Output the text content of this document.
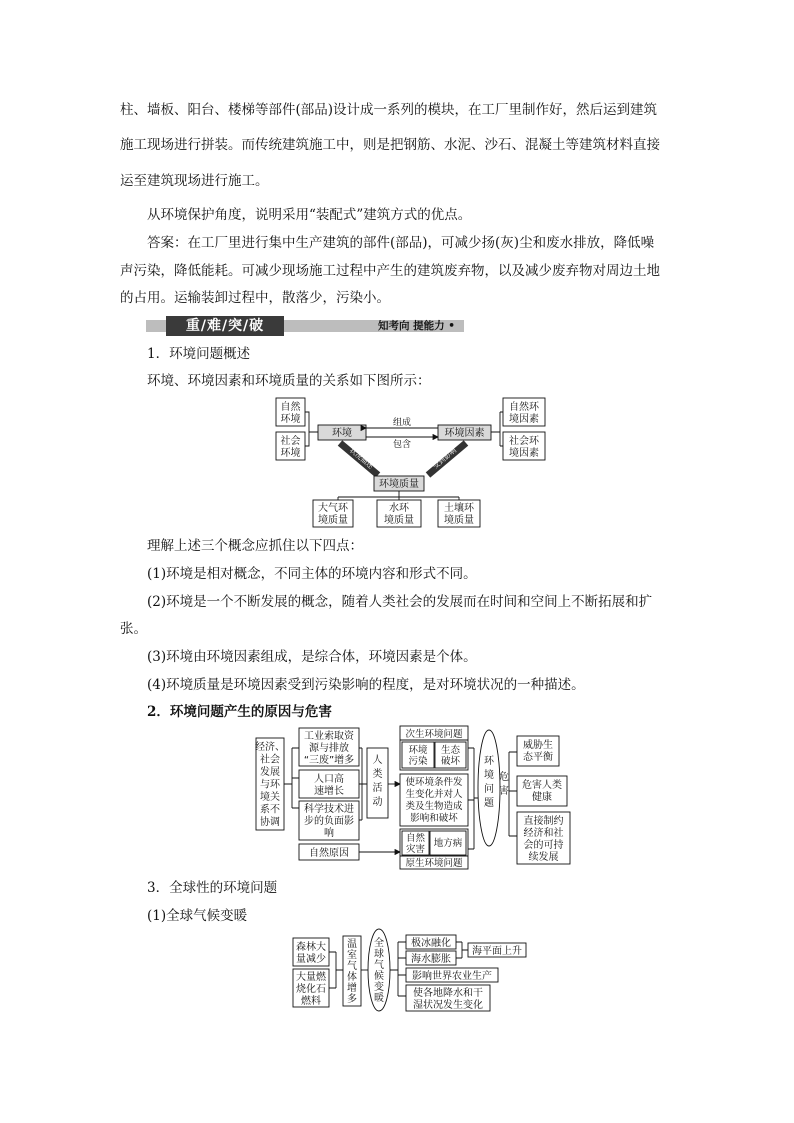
柱、墙板、阳台、楼梯等部件(部品)设计成一系列的模块，在工厂里制作好，然后运到建筑
施工现场进行拼装。而传统建筑施工中，则是把钢筋、水泥、沙石、混凝土等建筑材料直接
运至建筑现场进行施工。
从环境保护角度，说明采用“装配式”建筑方式的优点。
答案：在工厂里进行集中生产建筑的部件(部品)，可减少扬(灰)尘和废水排放，降低噪
声污染，降低能耗。可减少现场施工过程中产生的建筑废弃物，以及减少废弃物对周边土地
的占用。运输装卸过程中，散落少，污染小。
重/难/突/破	知考向 提能力 •
1．环境问题概述
环境、环境因素和环境质量的关系如下图所示：
自然
环境
社会
环境
环境
组成
包含
环境因素
自然环
境因素
社会环
境因素
状况描述	受到影响
环境质量
大气环
境质量
水环
境质量
土壤环
境质量
理解上述三个概念应抓住以下四点：
(1)环境是相对概念，不同主体的环境内容和形式不同。
(2)环境是一个不断发展的概念，随着人类社会的发展而在时间和空间上不断拓展和扩
张。
(3)环境由环境因素组成，是综合体，环境因素是个体。
(4)环境质量是环境因素受到污染影响的程度，是对环境状况的一种描述。
2．环境问题产生的原因与危害
经济、
社会
发展
与环
境关
系不
协调
工业索取资
源与排放
“三废”增多
人口高
速增长
科学技术进
步的负面影
响
人
类
活
动
自然原因
次生环境问题
环境
污染
生态
破坏
使环境条件发
生变化并对人
类及生物造成
影响和破坏
自然
灾害
地方病
原生环境问题
环
境
问
题
危
害
威胁生
态平衡
危害人类
健康
直接制约
经济和社
会的可持
续发展
3．全球性的环境问题
(1)全球气候变暖
森林大
量减少
大量燃
烧化石
燃料
温
室
气
体
增
多
全
球
气
候
变
暖
极冰融化
海水膨胀
海平面上升
影响世界农业生产
使各地降水和干
湿状况发生变化
